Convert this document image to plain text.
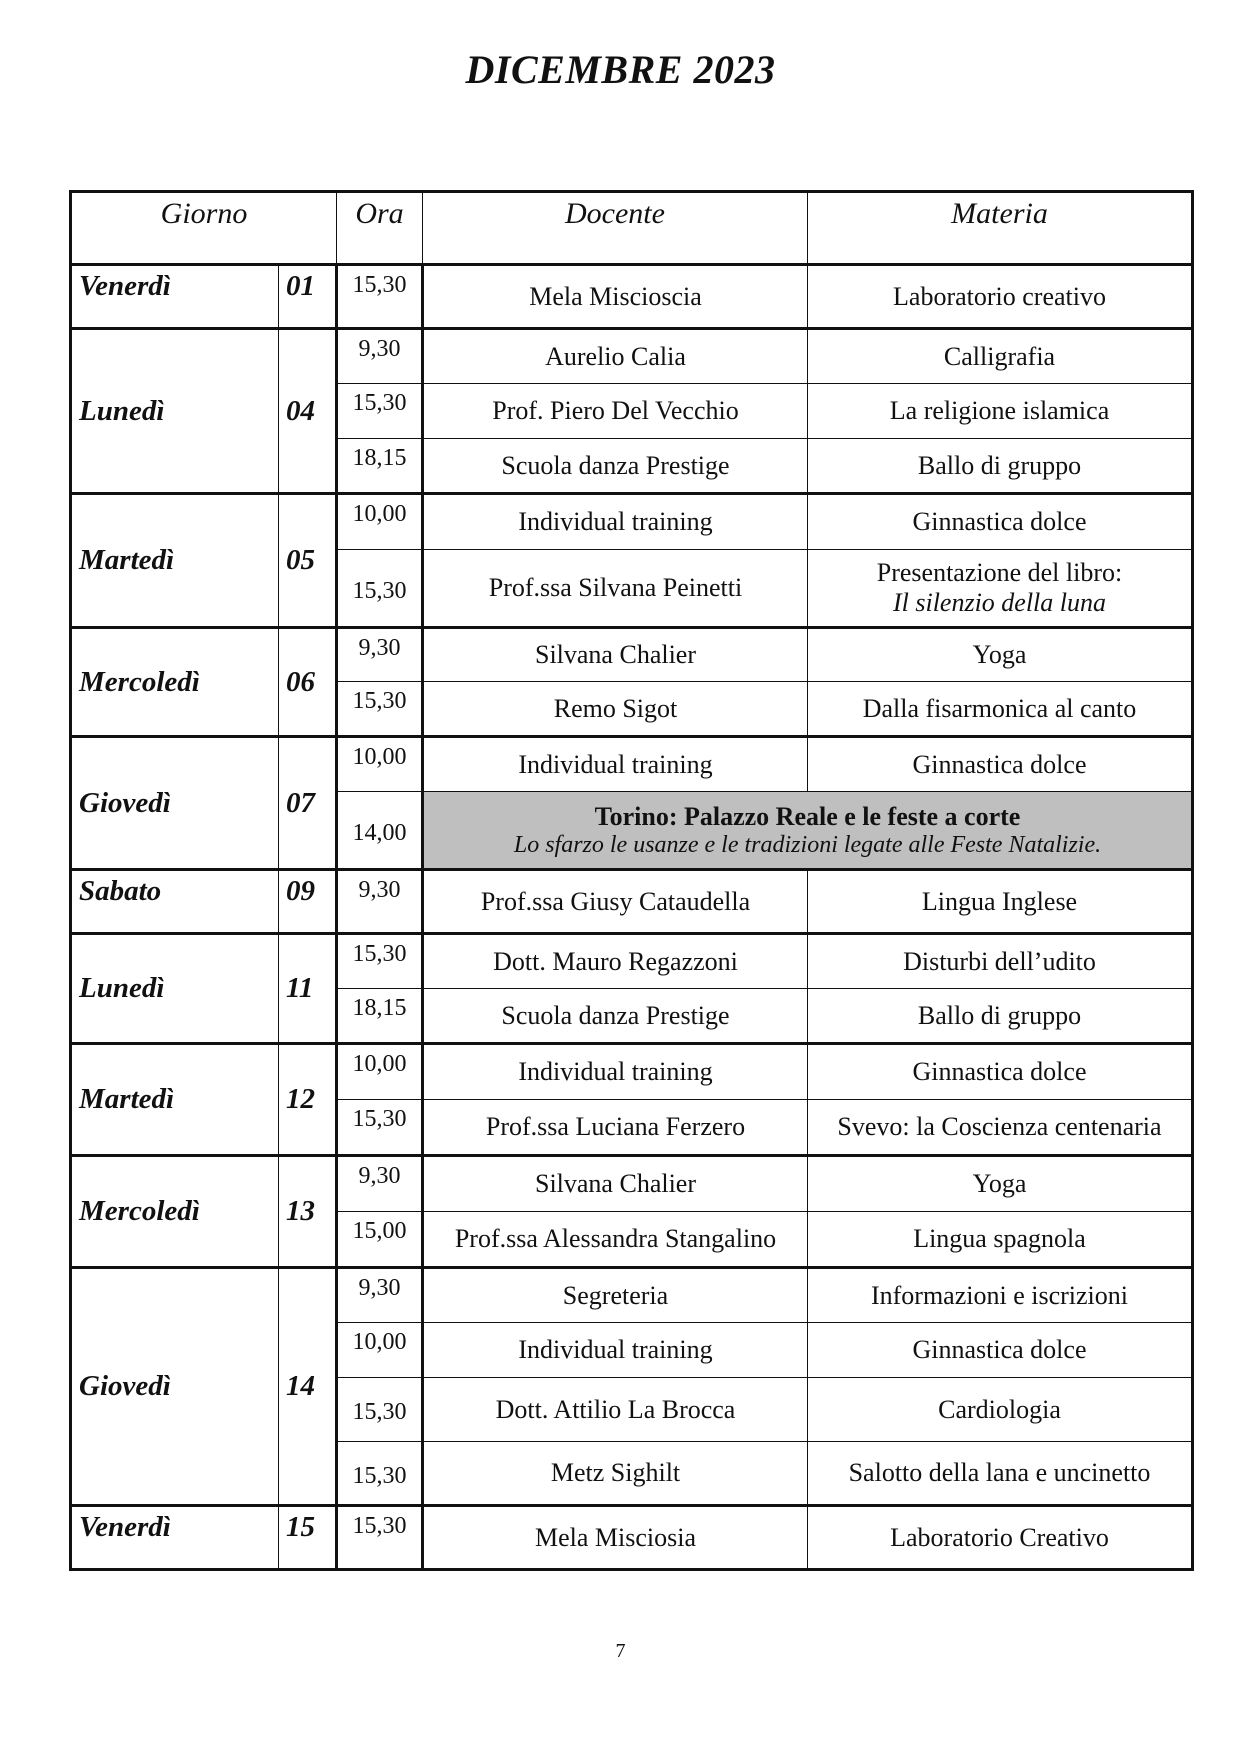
DICEMBRE 2023
Giorno		Ora	Docente	Materia
Venerdì	01	15,30	Mela Miscioscia	Laboratorio creativo
Lunedì	04	9,30	Aurelio Calia	Calligrafia
		15,30	Prof. Piero Del Vecchio	La religione islamica
		18,15	Scuola danza Prestige	Ballo di gruppo
Martedì	05	10,00	Individual training	Ginnastica dolce
		15,30	Prof.ssa Silvana Peinetti	Presentazione del libro:
Il silenzio della luna

Mercoledì	06	9,30	Silvana Chalier	Yoga
		15,30	Remo Sigot	Dalla fisarmonica al canto
Giovedì	07	10,00	Individual training	Ginnastica dolce
		14,00	Torino: Palazzo Reale e le feste a corte
Lo sfarzo le usanze e le tradizioni legate alle Feste Natalizie.	

Sabato	09	9,30	Prof.ssa Giusy Cataudella	Lingua Inglese
Lunedì	11	15,30	Dott. Mauro Regazzoni	Disturbi dell’udito
		18,15	Scuola danza Prestige	Ballo di gruppo
Martedì	12	10,00	Individual training	Ginnastica dolce
		15,30	Prof.ssa Luciana Ferzero	Svevo: la Coscienza centenaria
Mercoledì	13	9,30	Silvana Chalier	Yoga
		15,00	Prof.ssa Alessandra Stangalino	Lingua spagnola
Giovedì	14	9,30	Segreteria	Informazioni e iscrizioni
		10,00	Individual training	Ginnastica dolce
		15,30	Dott. Attilio La Brocca	Cardiologia
		15,30	Metz Sighilt	Salotto della lana e uncinetto
Venerdì	15	15,30	Mela Misciosia	Laboratorio Creativo
7
